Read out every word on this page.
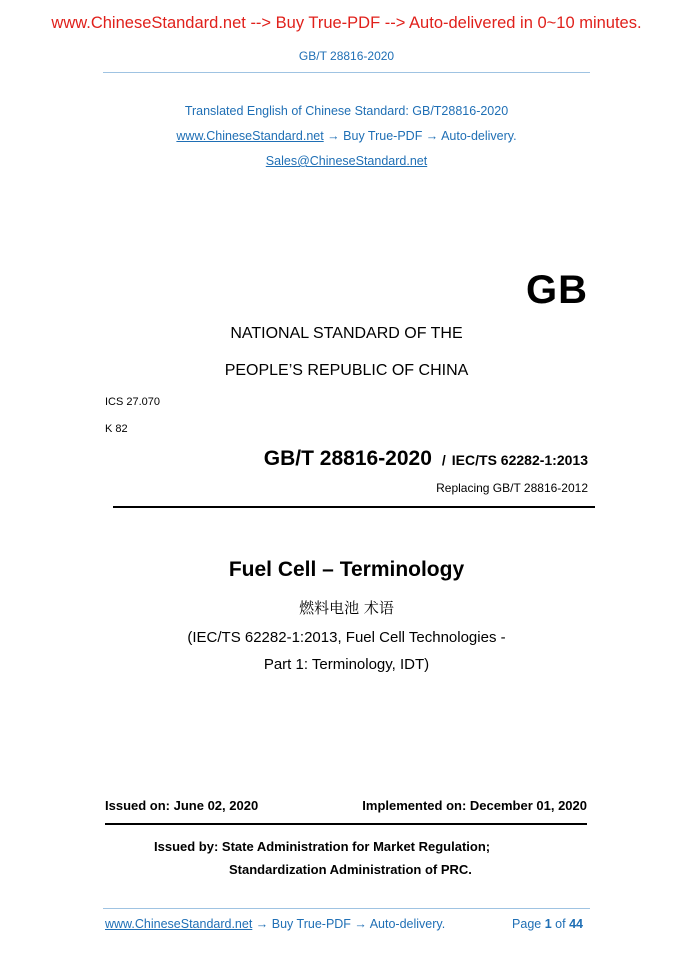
www.ChineseStandard.net --> Buy True-PDF --> Auto-delivered in 0~10 minutes.
GB/T 28816-2020
Translated English of Chinese Standard: GB/T28816-2020
www.ChineseStandard.net → Buy True-PDF → Auto-delivery.
Sales@ChineseStandard.net
GB
NATIONAL STANDARD OF THE
PEOPLE’S REPUBLIC OF CHINA
ICS 27.070
K 82
GB/T 28816-2020 / IEC/TS 62282-1:2013
Replacing GB/T 28816-2012
Fuel Cell – Terminology
燃料电池 术语
(IEC/TS 62282-1:2013, Fuel Cell Technologies -
Part 1: Terminology, IDT)
Issued on: June 02, 2020	Implemented on: December 01, 2020
Issued by: State Administration for Market Regulation;
Standardization Administration of PRC.
www.ChineseStandard.net → Buy True-PDF → Auto-delivery.	Page 1 of 44
